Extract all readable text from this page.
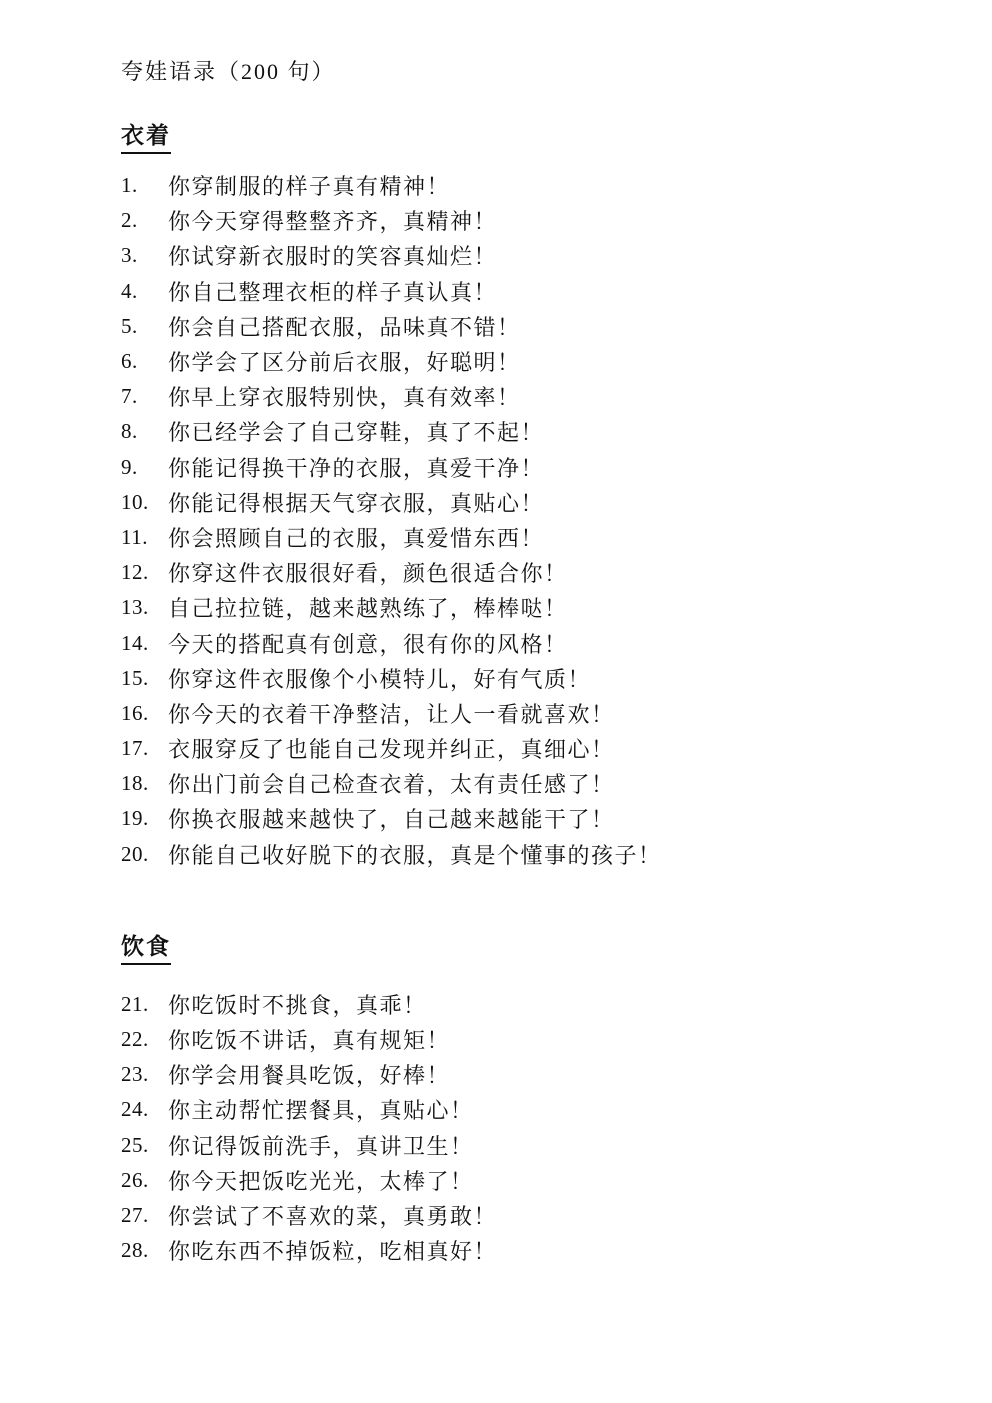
夸娃语录（200 句）

衣着
1.	你穿制服的样子真有精神！
2.	你今天穿得整整齐齐，真精神！
3.	你试穿新衣服时的笑容真灿烂！
4.	你自己整理衣柜的样子真认真！
5.	你会自己搭配衣服，品味真不错！
6.	你学会了区分前后衣服，好聪明！
7.	你早上穿衣服特别快，真有效率！
8.	你已经学会了自己穿鞋，真了不起！
9.	你能记得换干净的衣服，真爱干净！
10. 你能记得根据天气穿衣服，真贴心！
11. 你会照顾自己的衣服，真爱惜东西！
12. 你穿这件衣服很好看，颜色很适合你！
13. 自己拉拉链，越来越熟练了，棒棒哒！
14. 今天的搭配真有创意，很有你的风格！
15. 你穿这件衣服像个小模特儿，好有气质！
16. 你今天的衣着干净整洁，让人一看就喜欢！
17. 衣服穿反了也能自己发现并纠正，真细心！
18. 你出门前会自己检查衣着，太有责任感了！
19. 你换衣服越来越快了，自己越来越能干了！
20. 你能自己收好脱下的衣服，真是个懂事的孩子！
饮食
21. 你吃饭时不挑食，真乖！
22. 你吃饭不讲话，真有规矩！
23. 你学会用餐具吃饭，好棒！
24. 你主动帮忙摆餐具，真贴心！
25. 你记得饭前洗手，真讲卫生！
26. 你今天把饭吃光光，太棒了！
27. 你尝试了不喜欢的菜，真勇敢！
28. 你吃东西不掉饭粒，吃相真好！
